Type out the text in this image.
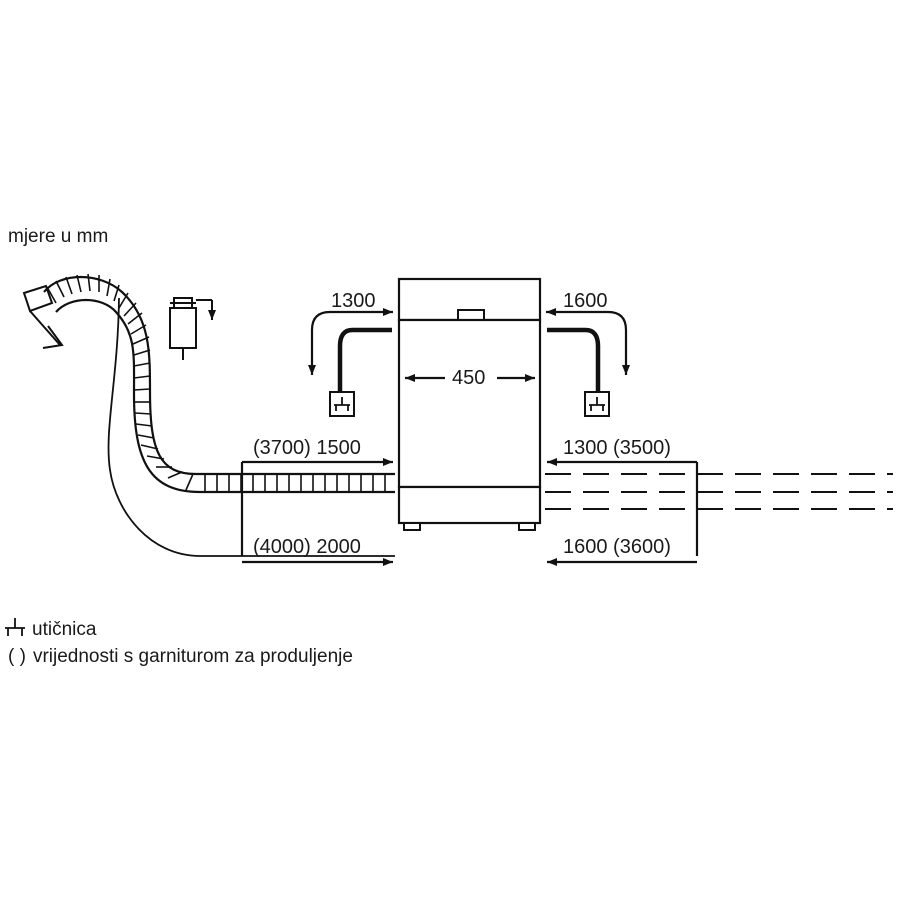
mjere u mm
1300	1600
450
(3700) 1500	1300 (3500)
(4000) 2000	1600 (3600)
utičnica
( ) vrijednosti s garniturom za produljenje
